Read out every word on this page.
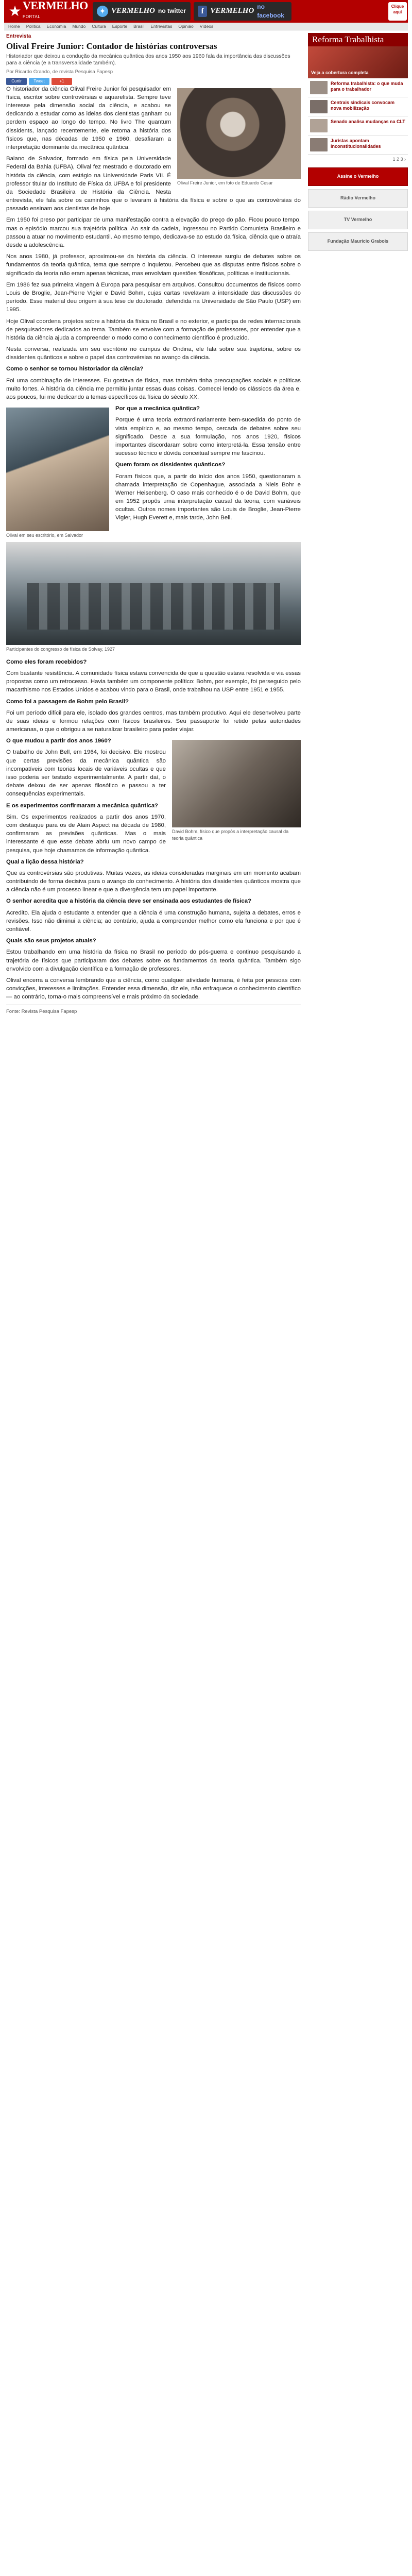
★ VERMELHO
PORTAL
✦ VERMELHO no twitter	f VERMELHO
no facebook
Clique aqui
Home Política Economia Mundo Cultura Esporte Brasil Entrevistas Opinião Vídeos
Entrevista
Olival Freire Junior: Contador de histórias controversas
Historiador que deixou a condução da mecânica quântica dos anos 1950 aos 1960 fala da importância das discussões para a ciência (e a transversalidade também).
Por Ricardo Grando, de revista Pesquisa Fapesp
Curtir	Tweet	+1
Olival Freire Junior, em foto de Eduardo Cesar

O historiador da ciência Olival Freire Junior foi pesquisador em física, escritor sobre controvérsias e aquarelista. Sempre teve interesse pela dimensão social da ciência, e acabou se dedicando a estudar como as ideias dos cientistas ganham ou perdem espaço ao longo do tempo. No livro The quantum dissidents, lançado recentemente, ele retoma a história dos físicos que, nas décadas de 1950 e 1960, desafiaram a interpretação dominante da mecânica quântica.

Baiano de Salvador, formado em física pela Universidade Federal da Bahia (UFBA), Olival fez mestrado e doutorado em história da ciência, com estágio na Universidade Paris VII. É professor titular do Instituto de Física da UFBA e foi presidente da Sociedade Brasileira de História da Ciência. Nesta entrevista, ele fala sobre os caminhos que o levaram à história da física e sobre o que as controvérsias do passado ensinam aos cientistas de hoje.

Em 1950 foi preso por participar de uma manifestação contra a elevação do preço do pão. Ficou pouco tempo, mas o episódio marcou sua trajetória política. Ao sair da cadeia, ingressou no Partido Comunista Brasileiro e passou a atuar no movimento estudantil. Ao mesmo tempo, dedicava-se ao estudo da física, ciência que o atraía desde a adolescência.

Nos anos 1980, já professor, aproximou-se da história da ciência. O interesse surgiu de debates sobre os fundamentos da teoria quântica, tema que sempre o inquietou. Percebeu que as disputas entre físicos sobre o significado da teoria não eram apenas técnicas, mas envolviam questões filosóficas, políticas e institucionais.

Em 1986 fez sua primeira viagem à Europa para pesquisar em arquivos. Consultou documentos de físicos como Louis de Broglie, Jean-Pierre Vigier e David Bohm, cujas cartas revelavam a intensidade das discussões do período. Esse material deu origem à sua tese de doutorado, defendida na Universidade de São Paulo (USP) em 1995.

Hoje Olival coordena projetos sobre a história da física no Brasil e no exterior, e participa de redes internacionais de pesquisadores dedicados ao tema. Também se envolve com a formação de professores, por entender que a história da ciência ajuda a compreender o modo como o conhecimento científico é produzido.

Nesta conversa, realizada em seu escritório no campus de Ondina, ele fala sobre sua trajetória, sobre os dissidentes quânticos e sobre o papel das controvérsias no avanço da ciência.

Como o senhor se tornou historiador da ciência?

Foi uma combinação de interesses. Eu gostava de física, mas também tinha preocupações sociais e políticas muito fortes. A história da ciência me permitiu juntar essas duas coisas. Comecei lendo os clássicos da área e, aos poucos, fui me dedicando a temas específicos da física do século XX.

Olival em seu escritório, em Salvador

Por que a mecânica quântica?

Porque é uma teoria extraordinariamente bem-sucedida do ponto de vista empírico e, ao mesmo tempo, cercada de debates sobre seu significado. Desde a sua formulação, nos anos 1920, físicos importantes discordaram sobre como interpretá-la. Essa tensão entre sucesso técnico e dúvida conceitual sempre me fascinou.

Quem foram os dissidentes quânticos?

Foram físicos que, a partir do início dos anos 1950, questionaram a chamada interpretação de Copenhague, associada a Niels Bohr e Werner Heisenberg. O caso mais conhecido é o de David Bohm, que em 1952 propôs uma interpretação causal da teoria, com variáveis ocultas. Outros nomes importantes são Louis de Broglie, Jean-Pierre Vigier, Hugh Everett e, mais tarde, John Bell.

Participantes do congresso de física de Solvay, 1927

Como eles foram recebidos?

Com bastante resistência. A comunidade física estava convencida de que a questão estava resolvida e via essas propostas como um retrocesso. Havia também um componente político: Bohm, por exemplo, foi perseguido pelo macarthismo nos Estados Unidos e acabou vindo para o Brasil, onde trabalhou na USP entre 1951 e 1955.

Como foi a passagem de Bohm pelo Brasil?

Foi um período difícil para ele, isolado dos grandes centros, mas também produtivo. Aqui ele desenvolveu parte de suas ideias e formou relações com físicos brasileiros. Seu passaporte foi retido pelas autoridades americanas, o que o obrigou a se naturalizar brasileiro para poder viajar.

David Bohm, físico que propôs a interpretação causal da teoria quântica

O que mudou a partir dos anos 1960?

O trabalho de John Bell, em 1964, foi decisivo. Ele mostrou que certas previsões da mecânica quântica são incompatíveis com teorias locais de variáveis ocultas e que isso poderia ser testado experimentalmente. A partir daí, o debate deixou de ser apenas filosófico e passou a ter consequências experimentais.

E os experimentos confirmaram a mecânica quântica?

Sim. Os experimentos realizados a partir dos anos 1970, com destaque para os de Alain Aspect na década de 1980, confirmaram as previsões quânticas. Mas o mais interessante é que esse debate abriu um novo campo de pesquisa, que hoje chamamos de informação quântica.

Qual a lição dessa história?

Que as controvérsias são produtivas. Muitas vezes, as ideias consideradas marginais em um momento acabam contribuindo de forma decisiva para o avanço do conhecimento. A história dos dissidentes quânticos mostra que a ciência não é um processo linear e que a divergência tem um papel importante.

O senhor acredita que a história da ciência deve ser ensinada aos estudantes de física?

Acredito. Ela ajuda o estudante a entender que a ciência é uma construção humana, sujeita a debates, erros e revisões. Isso não diminui a ciência; ao contrário, ajuda a compreender melhor como ela funciona e por que é confiável.

Quais são seus projetos atuais?

Estou trabalhando em uma história da física no Brasil no período do pós-guerra e continuo pesquisando a trajetória de físicos que participaram dos debates sobre os fundamentos da teoria quântica. Também sigo envolvido com a divulgação científica e a formação de professores.

Olival encerra a conversa lembrando que a ciência, como qualquer atividade humana, é feita por pessoas com convicções, interesses e limitações. Entender essa dimensão, diz ele, não enfraquece o conhecimento científico — ao contrário, torna-o mais compreensível e mais próximo da sociedade.

Fonte: Revista Pesquisa Fapesp
Reforma Trabalhista
Veja a cobertura completa
Reforma trabalhista: o que muda para o trabalhador
Centrais sindicais convocam nova mobilização
Senado analisa mudanças na CLT
Juristas apontam inconstitucionalidades
1 2 3 ›
Assine o Vermelho
Rádio Vermelho
TV Vermelho
Fundação Maurício Grabois
